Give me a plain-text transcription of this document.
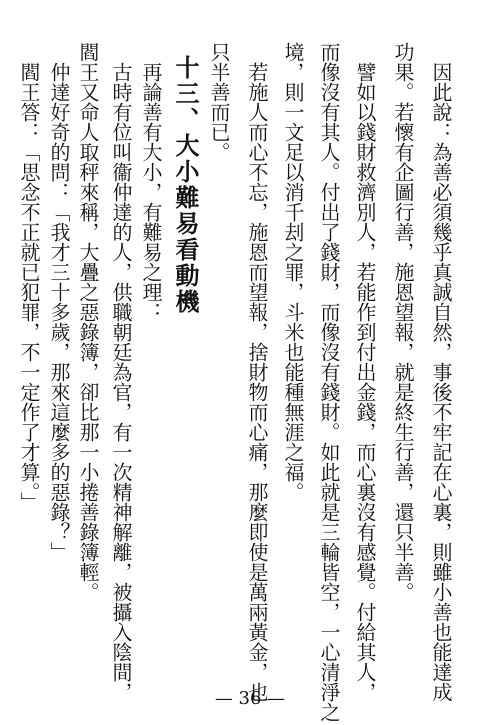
因此說：為善必須幾乎真誠自然，事後不牢記在心裏，則雖小善也能達成

功果。若懷有企圖行善，施恩望報，就是終生行善，還只半善。

譬如以錢財救濟別人，若能作到付出金錢，而心裏沒有感覺。付給其人，

而像沒有其人。付出了錢財，而像沒有錢財。如此就是三輪皆空，一心清淨之

境，則一文足以消千刦之罪，斗米也能種無涯之福。

若施人而心不忘，施恩而望報，捨財物而心痛，那麼即使是萬兩黃金，也

只半善而已。

十三、大小難易看動機

再論善有大小，有難易之理：

古時有位叫衞仲達的人，供職朝廷為官，有一次精神解離，被攝入陰間，

閻王又命人取秤來稱，大疊之惡錄簿，卻比那一小捲善錄簿輕。

仲達好奇的問：「我才三十多歲，那來這麼多的惡錄？」

閻王答：「思念不正就已犯罪，不一定作了才算。」

— 36 —
